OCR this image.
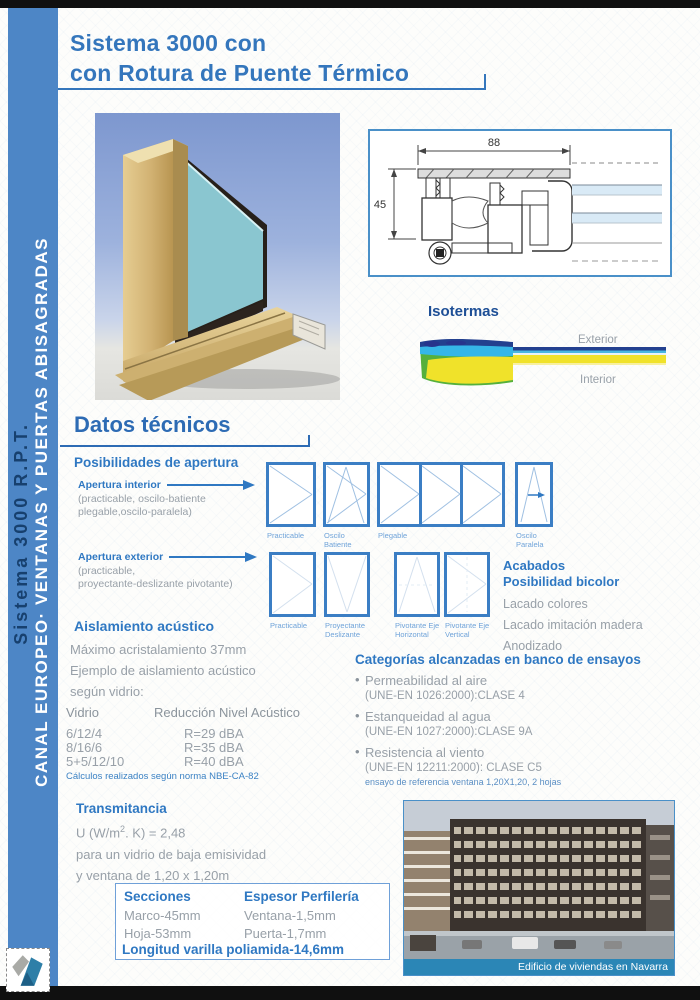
CANAL EUROPEO· VENTANAS Y PUERTAS ABISAGRADAS
Sistema 3000 R.P.T.
Sistema 3000 con
con Rotura de Puente Térmico
88
45
Isotermas
Exterior
Interior
Datos técnicos
Posibilidades de apertura
Apertura interior
(practicable, oscilo-batiente
plegable,oscilo-paralela)
Practicable	Oscilo Batiente
Plegable	Oscilo Paralela
Apertura exterior
(practicable,
proyectante-deslizante pivotante)
Practicable	Proyectante Deslizante
Pivotante Eje Horizontal
Pivotante Eje Vertical
Acabados
Posibilidad bicolor
Lacado colores
Lacado imitación madera
Anodizado
Aislamiento acústico
Máximo acristalamiento 37mm
Ejemplo de aislamiento acústico
según vidrio:
Vidrio	Reducción Nivel Acústico
6/12/4	R=29 dBA
8/16/6	R=35 dBA
5+5/12/10	R=40 dBA
Cálculos realizados según norma NBE-CA-82
Categorías alcanzadas en banco de ensayos
• Permeabilidad al aire
(UNE-EN 1026:2000):CLASE 4
• Estanqueidad al agua
(UNE-EN 1027:2000):CLASE 9A
• Resistencia al viento
(UNE-EN 12211:2000): CLASE C5
ensayo de referencia ventana 1,20X1,20, 2 hojas
Transmitancia
U ($W/m^2$. K) = 2,48
para un vidrio de baja emisividad
y ventana de 1,20 x 1,20m
Secciones	Espesor Perfilería
Marco-45mm	Ventana-1,5mm
Hoja-53mm	Puerta-1,7mm
Longitud varilla poliamida-14,6mm
Edificio de viviendas en Navarra
